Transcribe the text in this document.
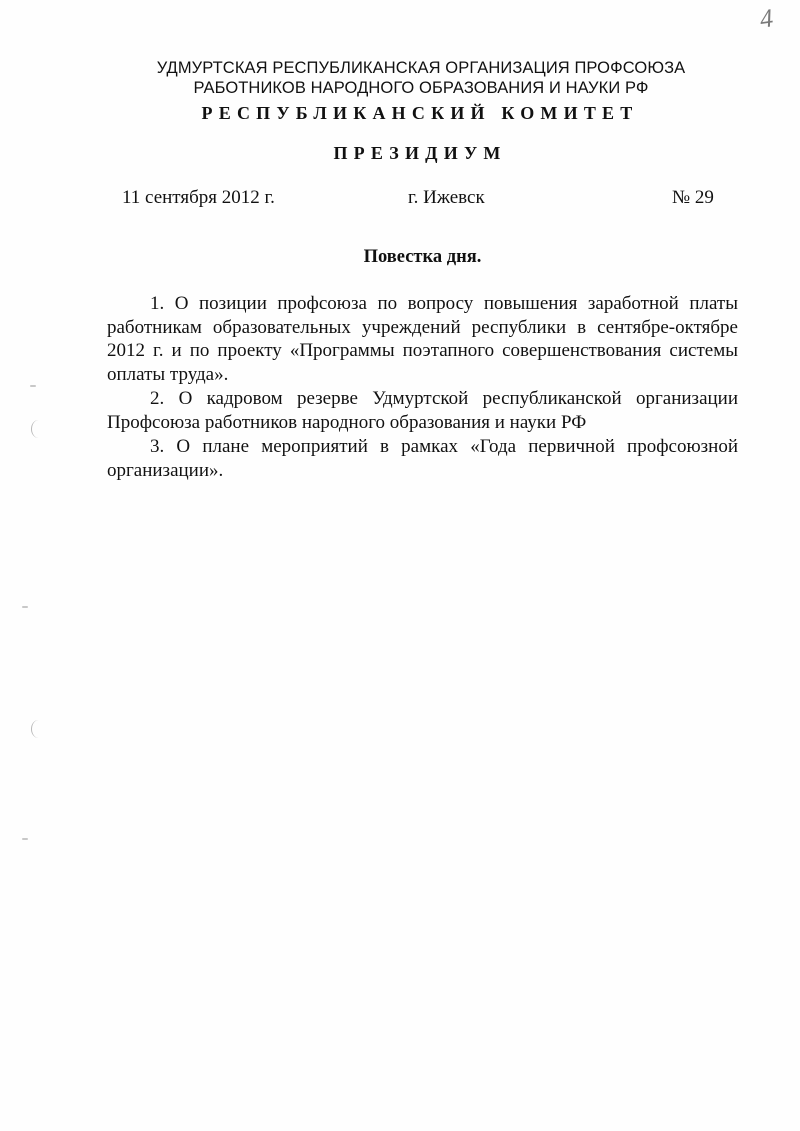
4
УДМУРТСКАЯ РЕСПУБЛИКАНСКАЯ ОРГАНИЗАЦИЯ ПРОФСОЮЗА
РАБОТНИКОВ НАРОДНОГО ОБРАЗОВАНИЯ И НАУКИ РФ
РЕСПУБЛИКАНСКИЙ КОМИТЕТ
ПРЕЗИДИУМ
11 сентября 2012 г.	г. Ижевск	№ 29
Повестка дня.
1. О позиции профсоюза по вопросу повышения заработной платы работникам образовательных учреждений республики в сентябре-октябре 2012 г. и по проекту «Программы поэтапного совершенствования системы оплаты труда».
2. О кадровом резерве Удмуртской республиканской организации Профсоюза работников народного образования и науки РФ
3. О плане мероприятий в рамках «Года первичной профсоюзной организации».
